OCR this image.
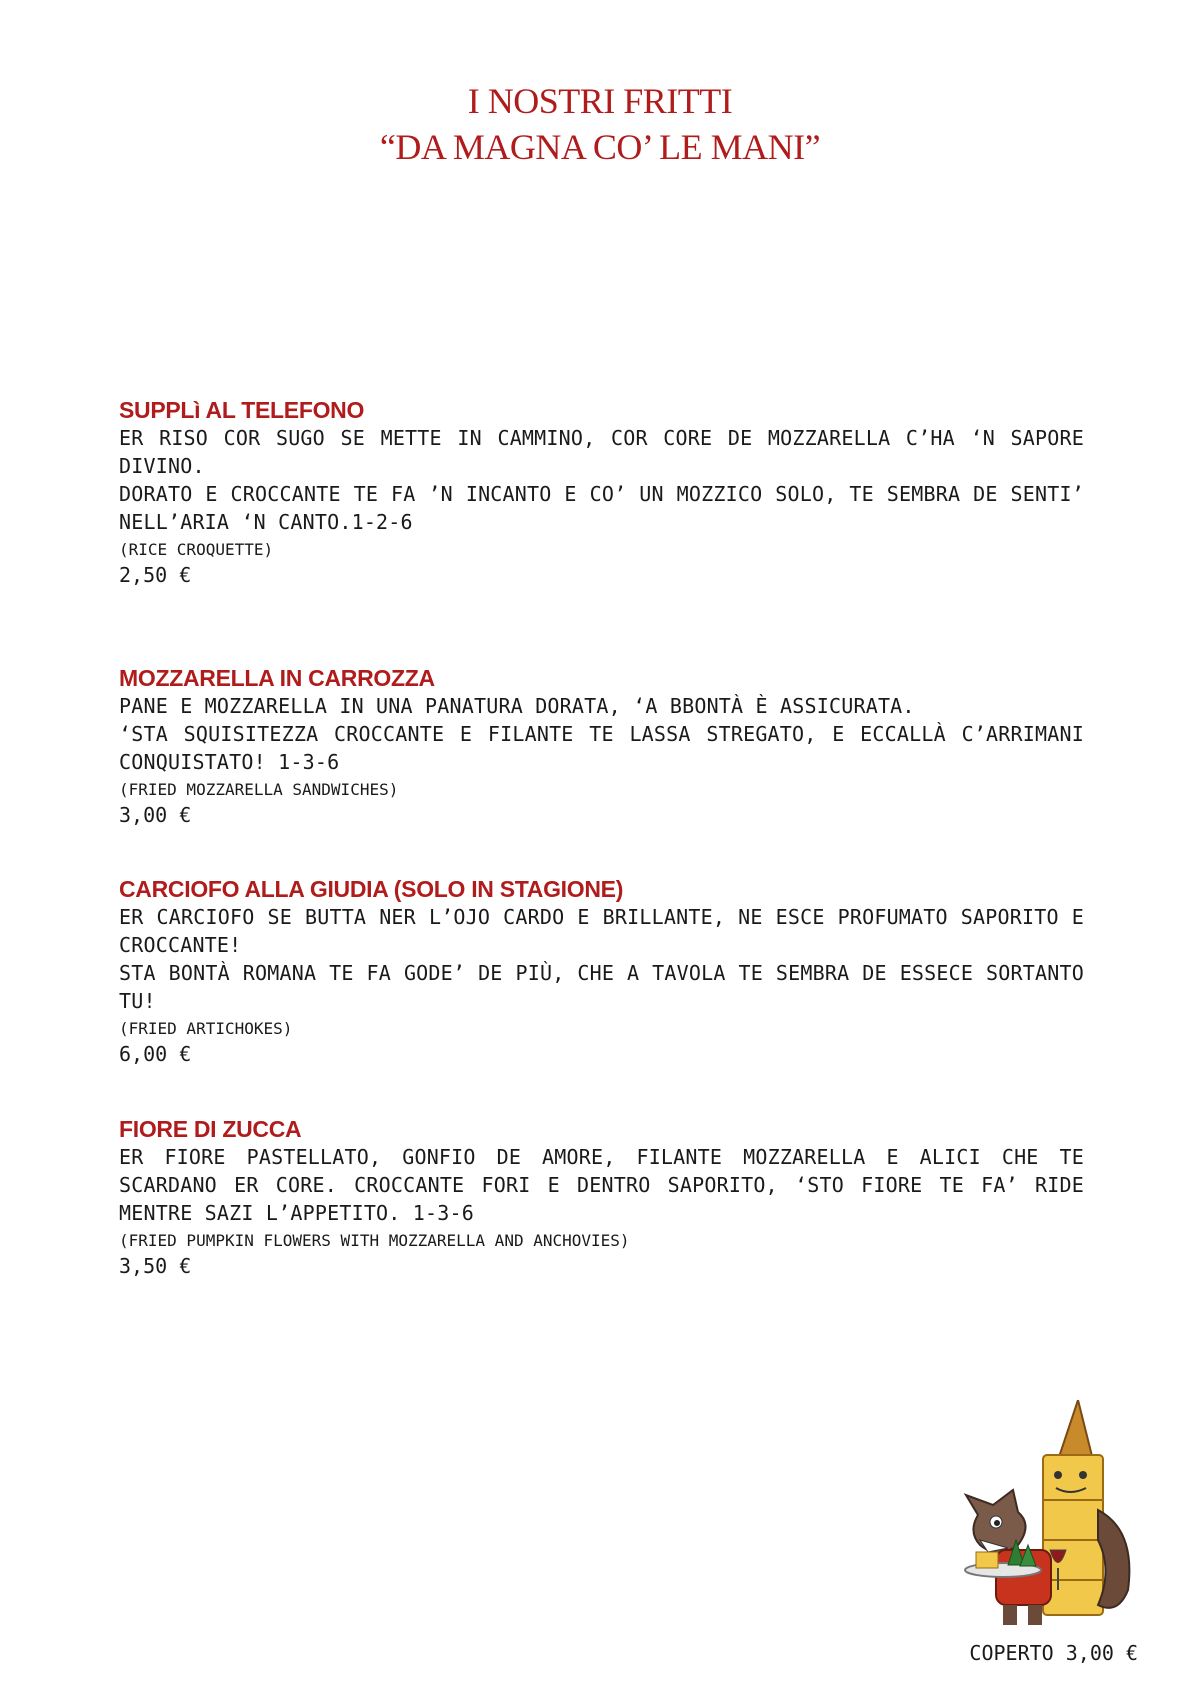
I NOSTRI FRITTI
“DA MAGNA CO’ LE MANI”
SUPPLì AL TELEFONO

ER RISO COR SUGO SE METTE IN CAMMINO, COR CORE DE MOZZARELLA C’HA ‘N SAPORE DIVINO.

DORATO E CROCCANTE TE FA ’N INCANTO E CO’ UN MOZZICO SOLO, TE SEMBRA DE SENTI’ NELL’ARIA ‘N CANTO.1-2-6

(RICE CROQUETTE)
2,50 €
MOZZARELLA IN CARROZZA

PANE E MOZZARELLA IN UNA PANATURA DORATA, ‘A BBONTÀ È ASSICURATA.

‘STA SQUISITEZZA CROCCANTE E FILANTE TE LASSA STREGATO, E ECCALLÀ C’ARRIMANI CONQUISTATO! 1-3-6

(FRIED MOZZARELLA SANDWICHES)
3,00 €
CARCIOFO ALLA GIUDIA (SOLO IN STAGIONE)

ER CARCIOFO SE BUTTA NER L’OJO CARDO E BRILLANTE, NE ESCE PROFUMATO SAPORITO E CROCCANTE!

STA BONTÀ ROMANA TE FA GODE’ DE PIÙ, CHE A TAVOLA TE SEMBRA DE ESSECE SORTANTO TU!

(FRIED ARTICHOKES)
6,00 €
FIORE DI ZUCCA

ER FIORE PASTELLATO, GONFIO DE AMORE, FILANTE MOZZARELLA E ALICI CHE TE SCARDANO ER CORE. CROCCANTE FORI E DENTRO SAPORITO, ‘STO FIORE TE FA’ RIDE MENTRE SAZI L’APPETITO. 1-3-6

(FRIED PUMPKIN FLOWERS WITH MOZZARELLA AND ANCHOVIES)
3,50 €
COPERTO 3,00 €
